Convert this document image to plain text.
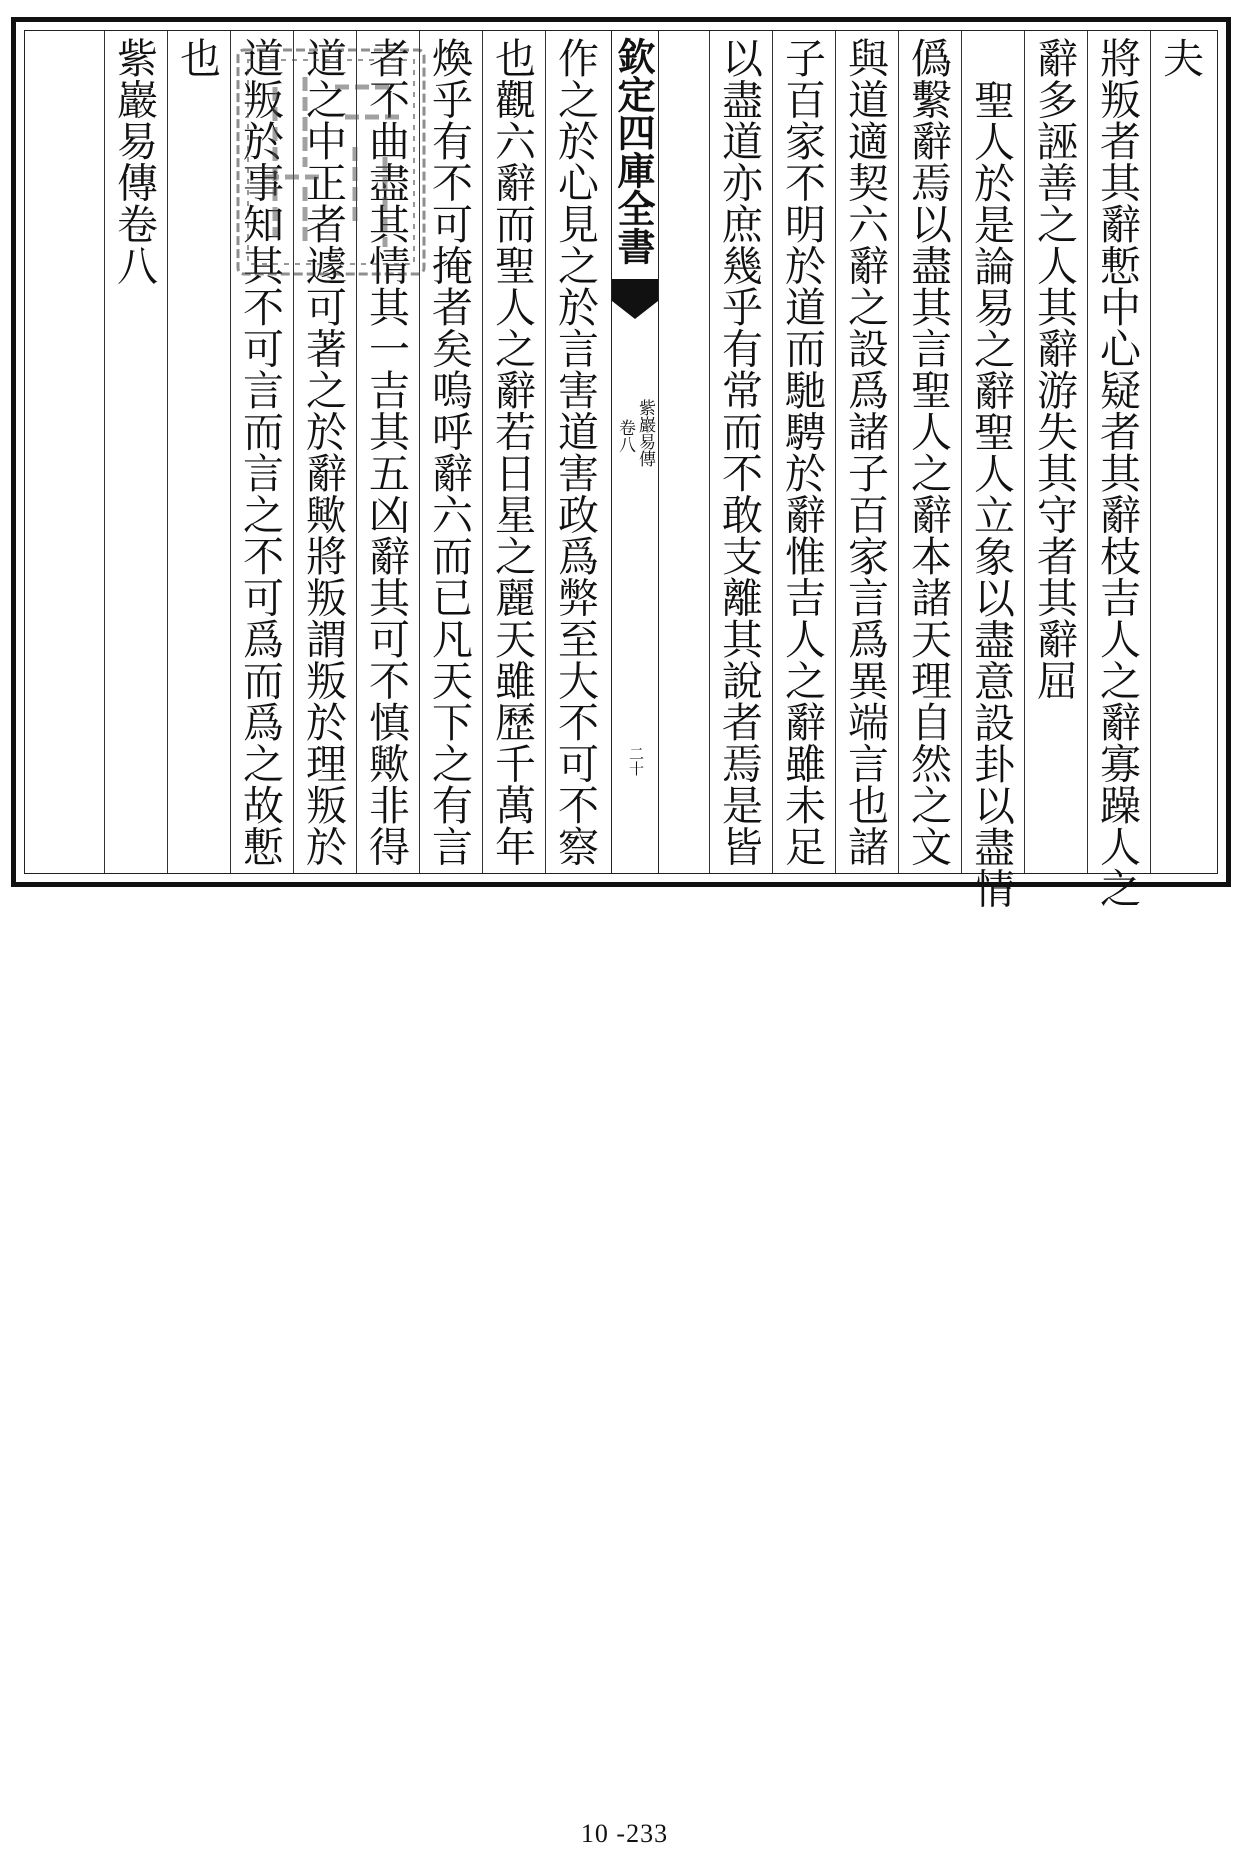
夫
將叛者其辭慙中心疑者其辭枝吉人之辭寡躁人之
辭多誣善之人其辭游失其守者其辭屈
聖人於是論易之辭聖人立象以盡意設卦以盡情
僞繫辭焉以盡其言聖人之辭本諸天理自然之文
與道適契六辭之設爲諸子百家言爲異端言也諸
子百家不明於道而馳騁於辭惟吉人之辭雖未足
以盡道亦庶幾乎有常而不敢支離其說者焉是皆
欽定四庫全書
紫巖易傳
卷八
二十
作之於心見之於言害道害政爲弊至大不可不察
也觀六辭而聖人之辭若日星之麗天雖歷千萬年
煥乎有不可掩者矣嗚呼辭六而已凡天下之有言
者不曲盡其情其一吉其五凶辭其可不慎歟非得
道之中正者遽可著之於辭歟將叛謂叛於理叛於
道叛於事知其不可言而言之不可爲而爲之故慙
也
紫巖易傳卷八
10 -233
